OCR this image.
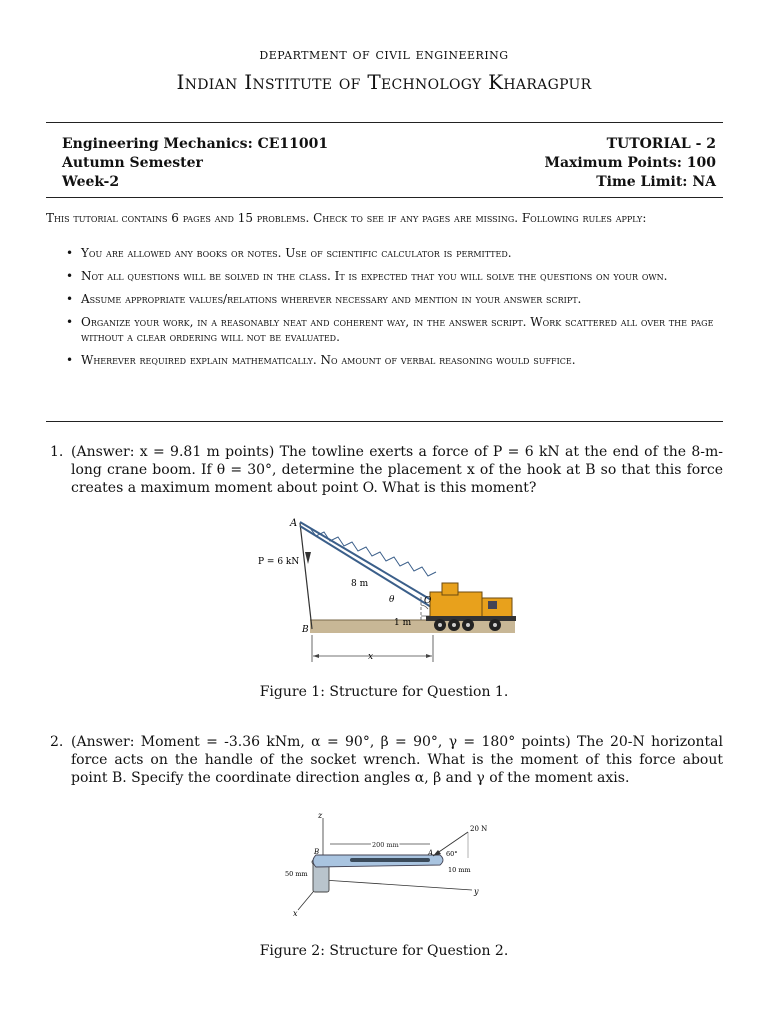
department of civil engineering
Indian Institute of Technology Kharagpur
Engineering Mechanics: CE11001
Autumn Semester
Week-2
TUTORIAL - 2
Maximum Points: 100
Time Limit: NA
This tutorial contains 6 pages and 15 problems. Check to see if any pages are missing. Following rules apply:
• You are allowed any books or notes. Use of scientific calculator is permitted.
• Not all questions will be solved in the class. It is expected that you will solve the questions on your own.
• Assume appropriate values/relations wherever necessary and mention in your answer script.
• Organize your work, in a reasonably neat and coherent way, in the answer script. Work scattered all over the page without a clear ordering will not be evaluated.
• Wherever required explain mathematically. No amount of verbal reasoning would suffice.
1. (Answer: x = 9.81 m points) The towline exerts a force of P = 6 kN at the end of the 8-m-long crane boom. If θ = 30°, determine the placement x of the hook at B so that this force creates a maximum moment about point O. What is this moment?
A
B
O
P = 6 kN
8 m
θ
1 m
x
Figure 1: Structure for Question 1.
2. (Answer: Moment = -3.36 kNm, α = 90°, β = 90°, γ = 180° points) The 20-N horizontal force acts on the handle of the socket wrench. What is the moment of this force about point B. Specify the coordinate direction angles α, β and γ of the moment axis.
z
x
y
200 mm
20 N
60°
10 mm
50 mm
A
B
Figure 2: Structure for Question 2.
